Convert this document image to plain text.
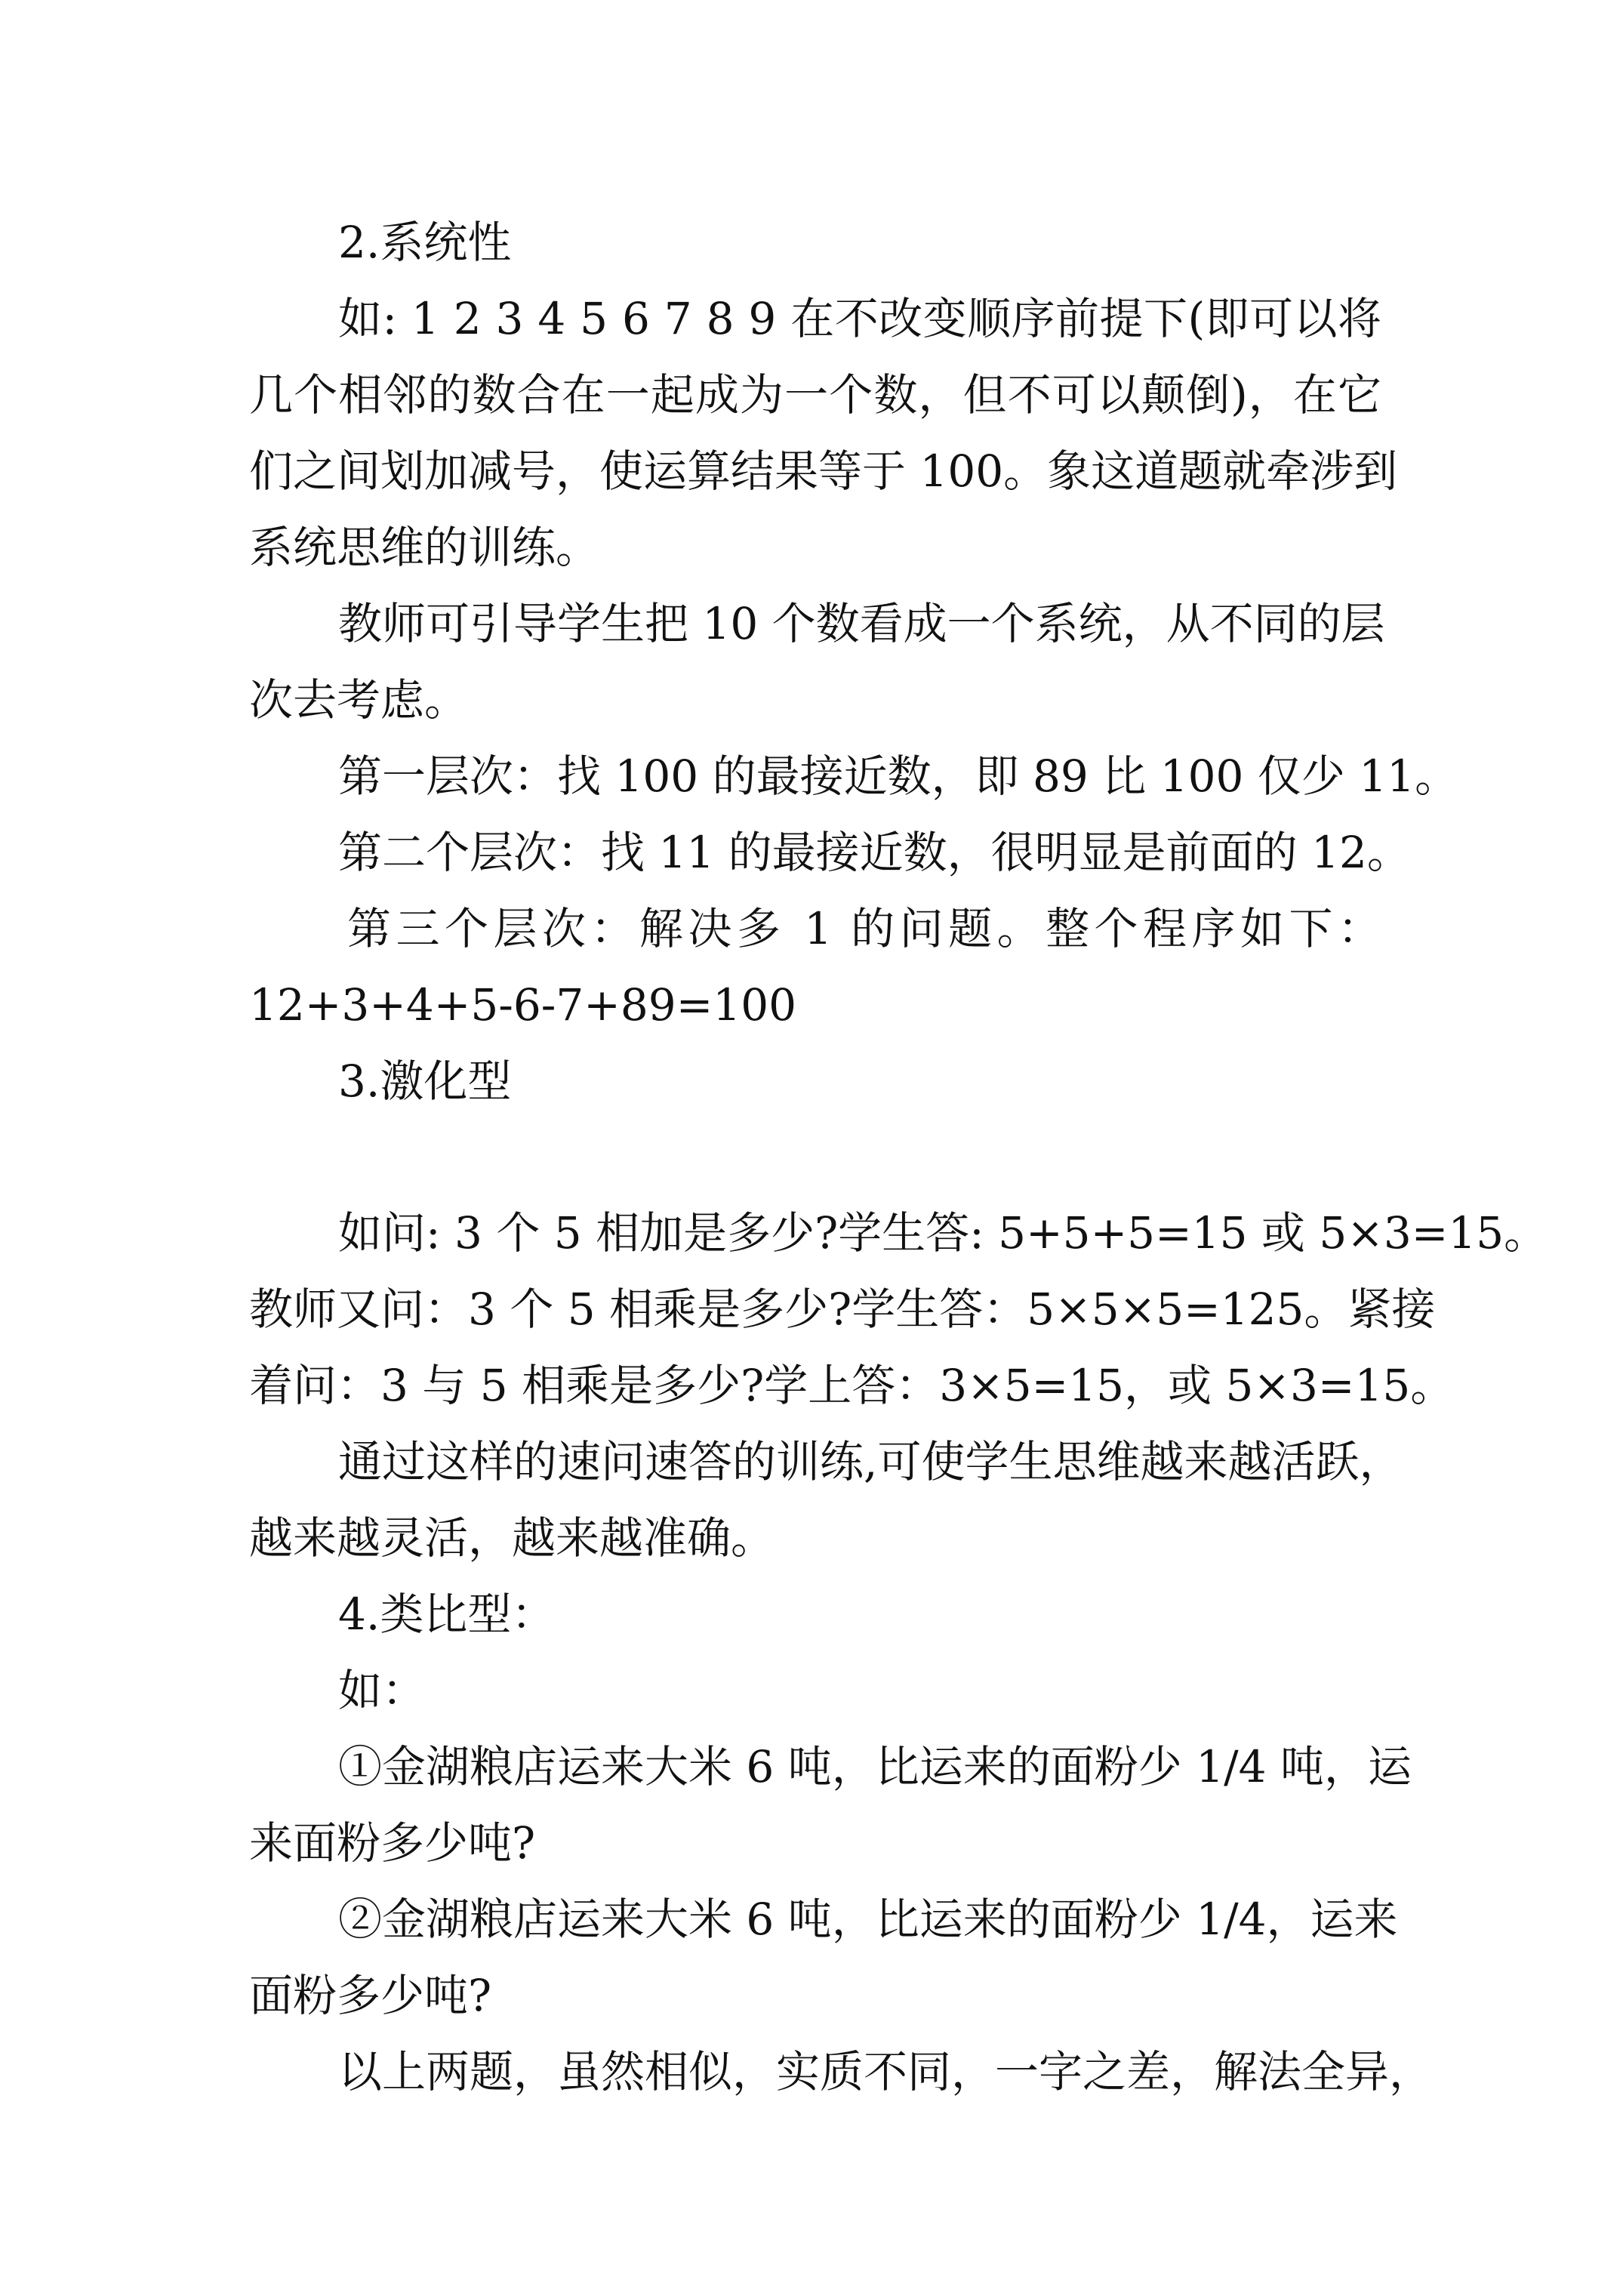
2.系统性
如: 1 2 3 4 5 6 7 8 9 在不改变顺序前提下(即可以将
几个相邻的数合在一起成为一个数，但不可以颠倒)，在它
们之间划加减号，使运算结果等于 100。象这道题就牵涉到
系统思维的训练。
教师可引导学生把 10 个数看成一个系统，从不同的层
次去考虑。
第一层次：找 100 的最接近数，即 89 比 100 仅少 11。
第二个层次：找 11 的最接近数，很明显是前面的 12。
第三个层次：解决多 1 的问题。整个程序如下：
12+3+4+5-6-7+89=100
3.激化型
如问: 3 个 5 相加是多少?学生答: 5+5+5=15 或 5×3=15。
教师又问：3 个 5 相乘是多少?学生答：5×5×5=125。紧接
着问：3 与 5 相乘是多少?学上答：3×5=15，或 5×3=15。
通过这样的速问速答的训练,可使学生思维越来越活跃，
越来越灵活，越来越准确。
4.类比型：
如：
①金湖粮店运来大米 6 吨，比运来的面粉少 1/4 吨，运
来面粉多少吨?
②金湖粮店运来大米 6 吨，比运来的面粉少 1/4，运来
面粉多少吨?
以上两题，虽然相似，实质不同，一字之差，解法全异，
